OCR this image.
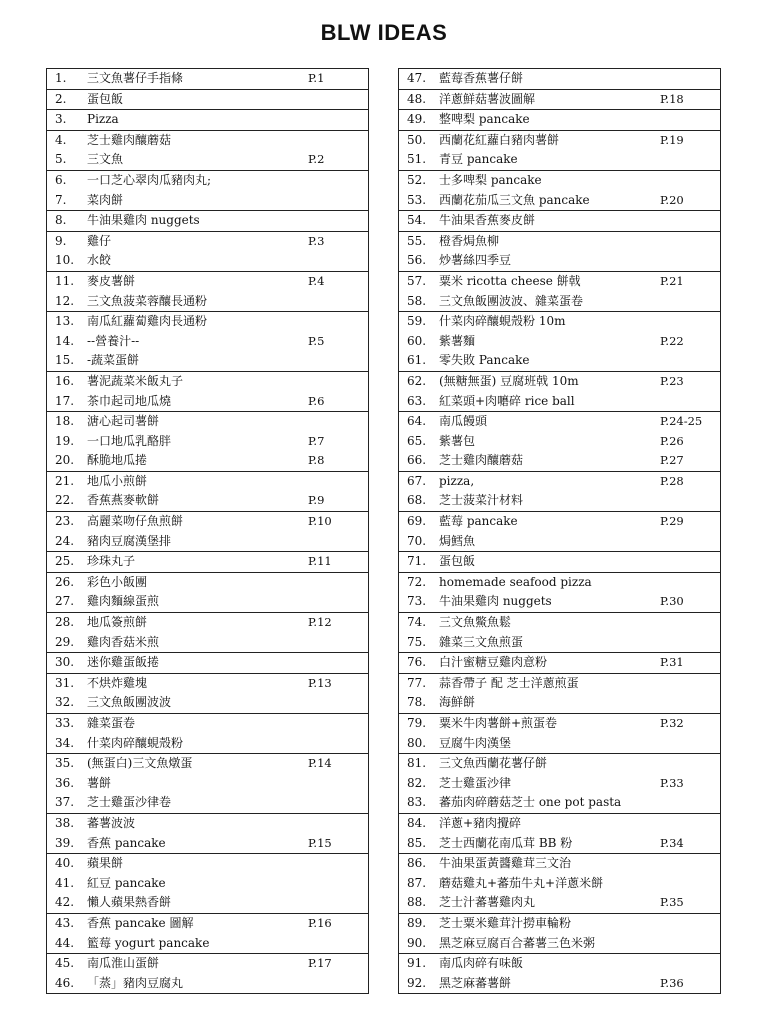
BLW IDEAS
1.	三文魚薯仔手指條	P.1
2.	蛋包飯
3.	Pizza
4.	芝士雞肉釀蘑菇
5.	三文魚	P.2
6.	一口芝心翠肉瓜豬肉丸;
7.	菜肉餅
8.	牛油果雞肉 nuggets
9.	雞仔	P.3
10.	水餃
11.	麥皮薯餅	P.4
12.	三文魚菠菜蓉釀長通粉
13.	南瓜紅蘿蔔雞肉長通粉
14.	--營養汁--	P.5
15.	-蔬菜蛋餅
16.	薯泥蔬菜米飯丸子
17.	茶巾起司地瓜燒	P.6
18.	溏心起司薯餅
19.	一口地瓜乳酪胖	P.7
20.	酥脆地瓜捲	P.8
21.	地瓜小煎餅
22.	香蕉燕麥軟餅	P.9
23.	高麗菜吻仔魚煎餅	P.10
24.	豬肉豆腐漢堡排
25.	珍珠丸子	P.11
26.	彩色小飯團
27.	雞肉麵線蛋煎
28.	地瓜簽煎餅	P.12
29.	雞肉香菇米煎
30.	迷你雞蛋飯捲
31.	不烘炸雞塊	P.13
32.	三文魚飯團波波
33.	雜菜蛋卷
34.	什菜肉碎釀蜆殼粉
35.	(無蛋白)三文魚燉蛋	P.14
36.	薯餅
37.	芝士雞蛋沙律卷
38.	蕃薯波波
39.	香蕉 pancake	P.15
40.	蘋果餅
41.	紅豆 pancake
42.	懶人蘋果熱香餅
43.	香蕉 pancake 圖解	P.16
44.	籃莓 yogurt pancake
45.	南瓜淮山蛋餅	P.17
46.	「蒸」豬肉豆腐丸
47.	藍莓香蕉薯仔餅
48.	洋蔥鮮菇薯波圖解	P.18
49.	整啤梨 pancake
50.	西蘭花紅蘿白豬肉薯餅	P.19
51.	青豆 pancake
52.	士多啤梨 pancake
53.	西蘭花茄瓜三文魚 pancake	P.20
54.	牛油果香蕉麥皮餅
55.	橙香焗魚柳
56.	炒薯絲四季豆
57.	粟米 ricotta cheese 餅戟	P.21
58.	三文魚飯團波波、雜菜蛋卷
59.	什菜肉碎釀蜆殼粉 10m
60.	紫薯麵	P.22
61.	零失敗 Pancake
62.	(無糖無蛋) 豆腐班戟 10m	P.23
63.	紅菜頭+肉嚰碎 rice ball
64.	南瓜饅頭	P.24-25
65.	紫薯包	P.26
66.	芝士雞肉釀蘑菇	P.27
67.	pizza,	P.28
68.	芝士菠菜汁材料
69.	藍莓 pancake	P.29
70.	焗鱈魚
71.	蛋包飯
72.	homemade seafood pizza
73.	牛油果雞肉 nuggets	P.30
74.	三文魚鱉魚鬆
75.	雜菜三文魚煎蛋
76.	白汁蜜糖豆雞肉意粉	P.31
77.	蒜香帶子 配 芝士洋蔥煎蛋
78.	海鮮餅
79.	粟米牛肉薯餅+煎蛋卷	P.32
80.	豆腐牛肉漢堡
81.	三文魚西蘭花薯仔餅
82.	芝士雞蛋沙律	P.33
83.	蕃茄肉碎蘑菇芝士 one pot pasta
84.	洋蔥+豬肉攪碎
85.	芝士西蘭花南瓜茸 BB 粉	P.34
86.	牛油果蛋黃醬雞茸三文治
87.	蘑菇雞丸+蕃茄牛丸+洋蔥米餅
88.	芝士汁蕃薯雞肉丸	P.35
89.	芝士粟米雞茸汁撈車輪粉
90.	黑芝麻豆腐百合蕃薯三色米粥
91.	南瓜肉碎有味飯
92.	黑芝麻蕃薯餅	P.36
